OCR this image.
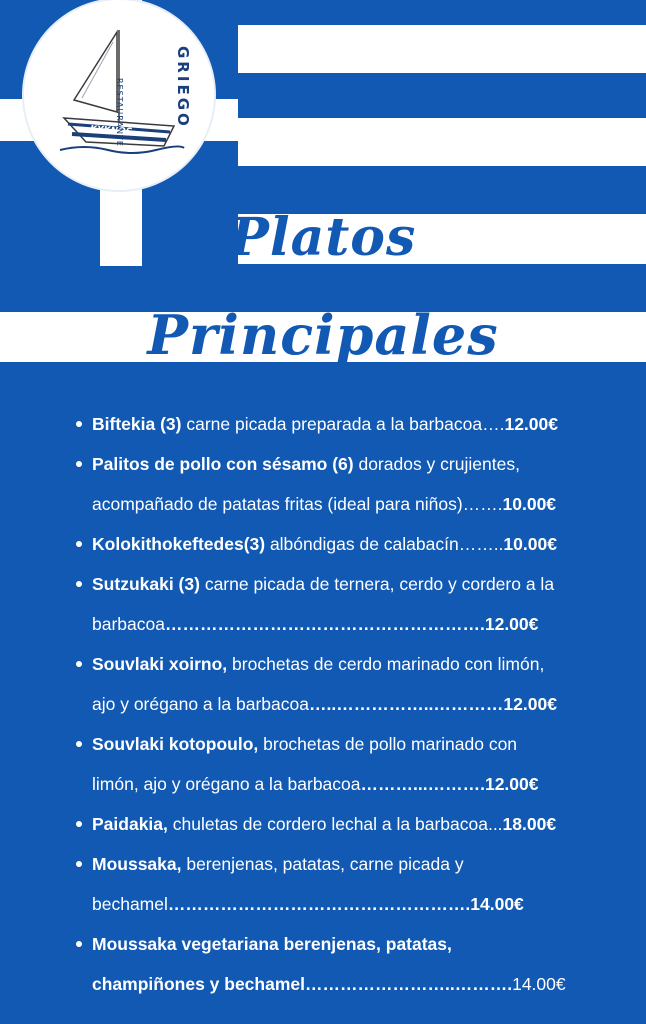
KYKNOS
RESTAURANTE	GRIEGO
Platos
Principales
Biftekia (3) carne picada preparada a la barbacoa….12.00€
Palitos de pollo con sésamo (6) dorados y crujientes,
acompañado de patatas fritas (ideal para niños)…….10.00€
Kolokithokeftedes(3) albóndigas de calabacín……..10.00€
Sutzukaki (3) carne picada de ternera, cerdo y cordero a la
barbacoa……………………………………………….12.00€
Souvlaki xoirno, brochetas de cerdo marinado con limón,
ajo y orégano a la barbacoa…..……………..…………12.00€
Souvlaki kotopoulo, brochetas de pollo marinado con
limón, ajo y orégano a la barbacoa………...……….12.00€
Paidakia, chuletas de cordero lechal a la barbacoa...18.00€
Moussaka, berenjenas, patatas, carne picada y
bechamel…………………………………………….14.00€
Moussaka vegetariana berenjenas, patatas,
champiñones y bechamel……………………..……….14.00€
